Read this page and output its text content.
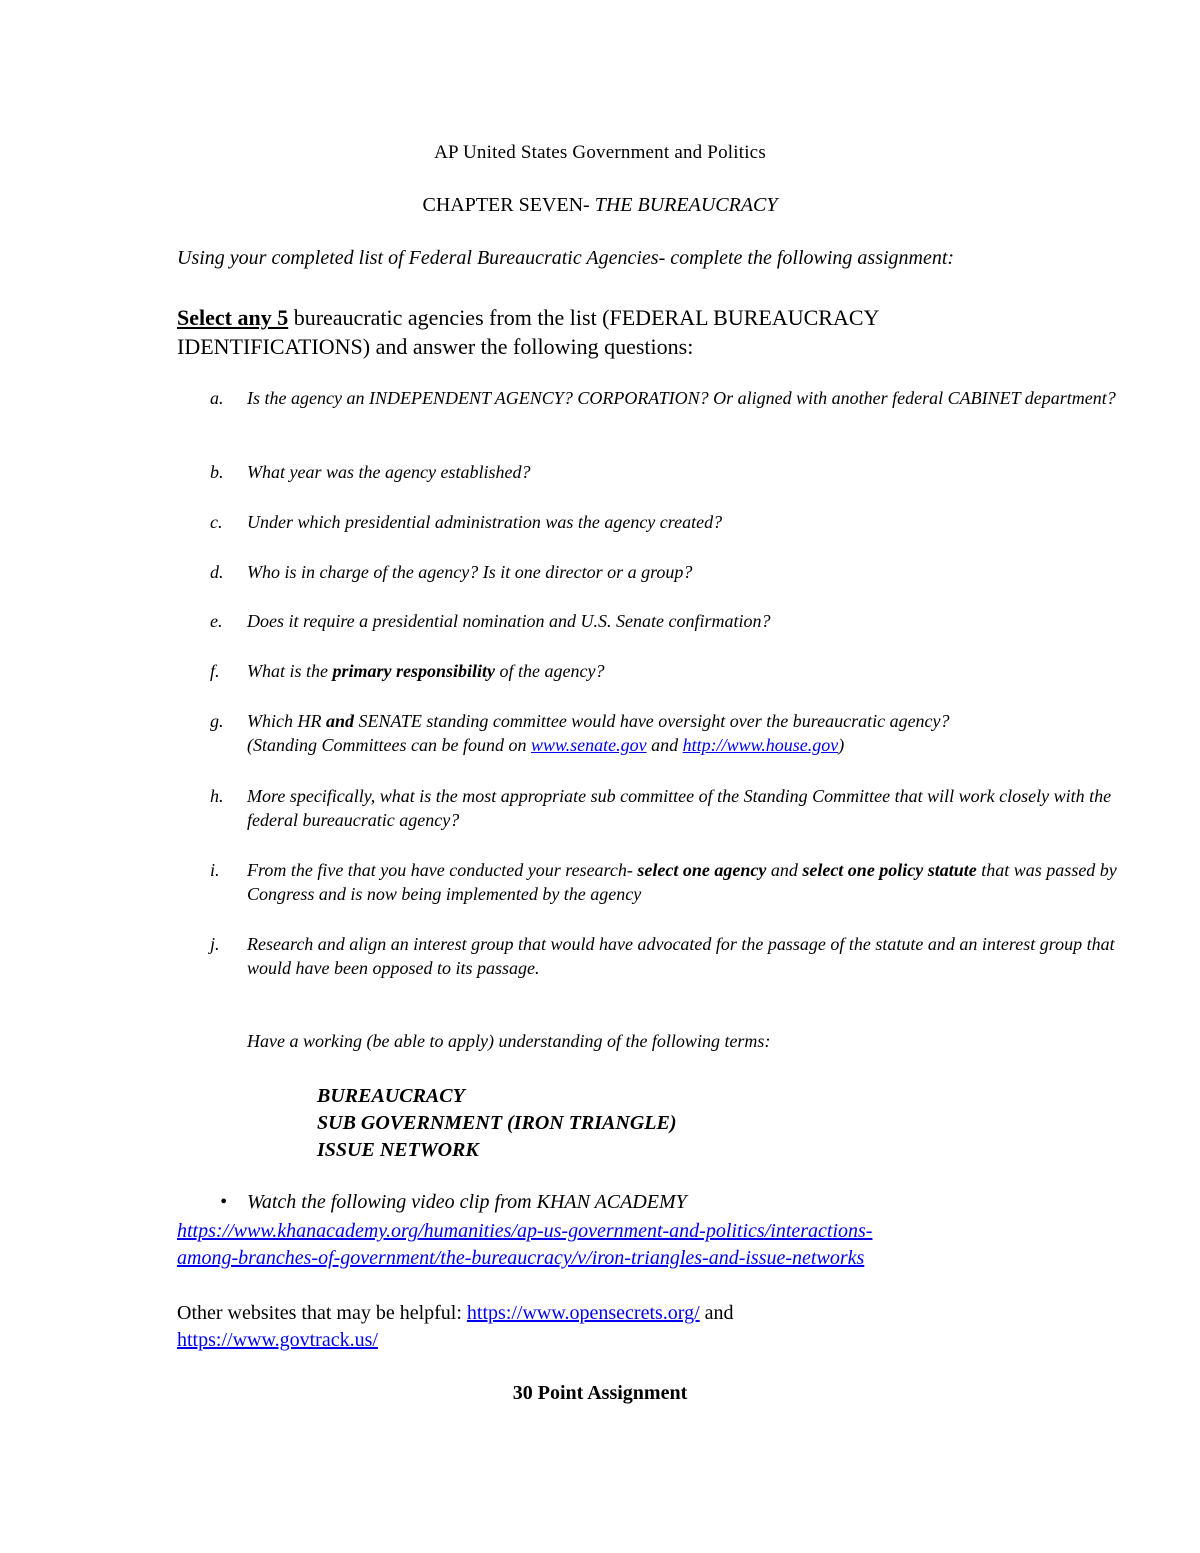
AP United States Government and Politics
CHAPTER SEVEN- THE BUREAUCRACY
Using your completed list of Federal Bureaucratic Agencies- complete the following assignment:
Select any 5 bureaucratic agencies from the list (FEDERAL BUREAUCRACY
IDENTIFICATIONS) and answer the following questions:
a.	Is the agency an INDEPENDENT AGENCY? CORPORATION? Or aligned with another federal CABINET department?
b.	What year was the agency established?
c.	Under which presidential administration was the agency created?
d.	Who is in charge of the agency? Is it one director or a group?
e.	Does it require a presidential nomination and U.S. Senate confirmation?
f.	What is the primary responsibility of the agency?
g.	Which HR and SENATE standing committee would have oversight over the bureaucratic agency?
(Standing Committees can be found on www.senate.gov and http://www.house.gov)
h.	More specifically, what is the most appropriate sub committee of the Standing Committee that will work closely with the federal bureaucratic agency?
i.	From the five that you have conducted your research- select one agency and select one policy statute that was passed by Congress and is now being implemented by the agency
j.	Research and align an interest group that would have advocated for the passage of the statute and an interest group that would have been opposed to its passage.
Have a working (be able to apply) understanding of the following terms:
BUREAUCRACY
SUB GOVERNMENT (IRON TRIANGLE)
ISSUE NETWORK
• Watch the following video clip from KHAN ACADEMY
https://www.khanacademy.org/humanities/ap-us-government-and-politics/interactions-
among-branches-of-government/the-bureaucracy/v/iron-triangles-and-issue-networks
Other websites that may be helpful: https://www.opensecrets.org/ and
https://www.govtrack.us/
30 Point Assignment
